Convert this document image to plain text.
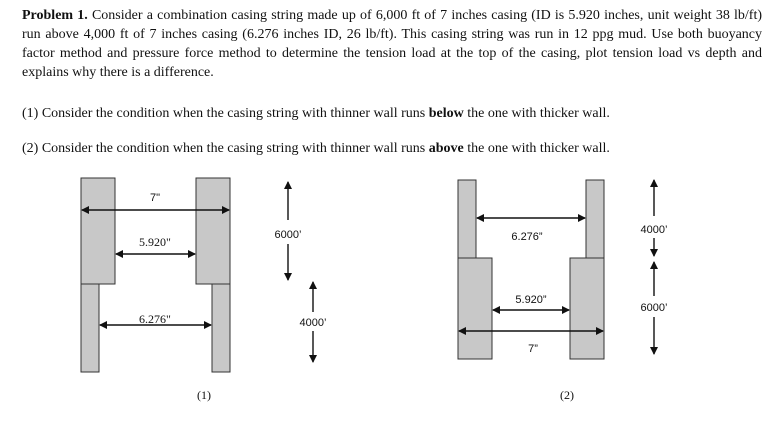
Problem 1. Consider a combination casing string made up of 6,000 ft of 7 inches casing (ID is 5.920 inches, unit weight 38 lb/ft) run above 4,000 ft of 7 inches casing (6.276 inches ID, 26 lb/ft). This casing string was run in 12 ppg mud. Use both buoyancy factor method and pressure force method to determine the tension load at the top of the casing, plot tension load vs depth and explains why there is a difference.
(1) Consider the condition when the casing string with thinner wall runs below the one with thicker wall.
(2) Consider the condition when the casing string with thinner wall runs above the one with thicker wall.
7"
5.920"
6.276"
6000’
4000’
(1)
6.276”
5.920”
7”
4000’
6000’
(2)
